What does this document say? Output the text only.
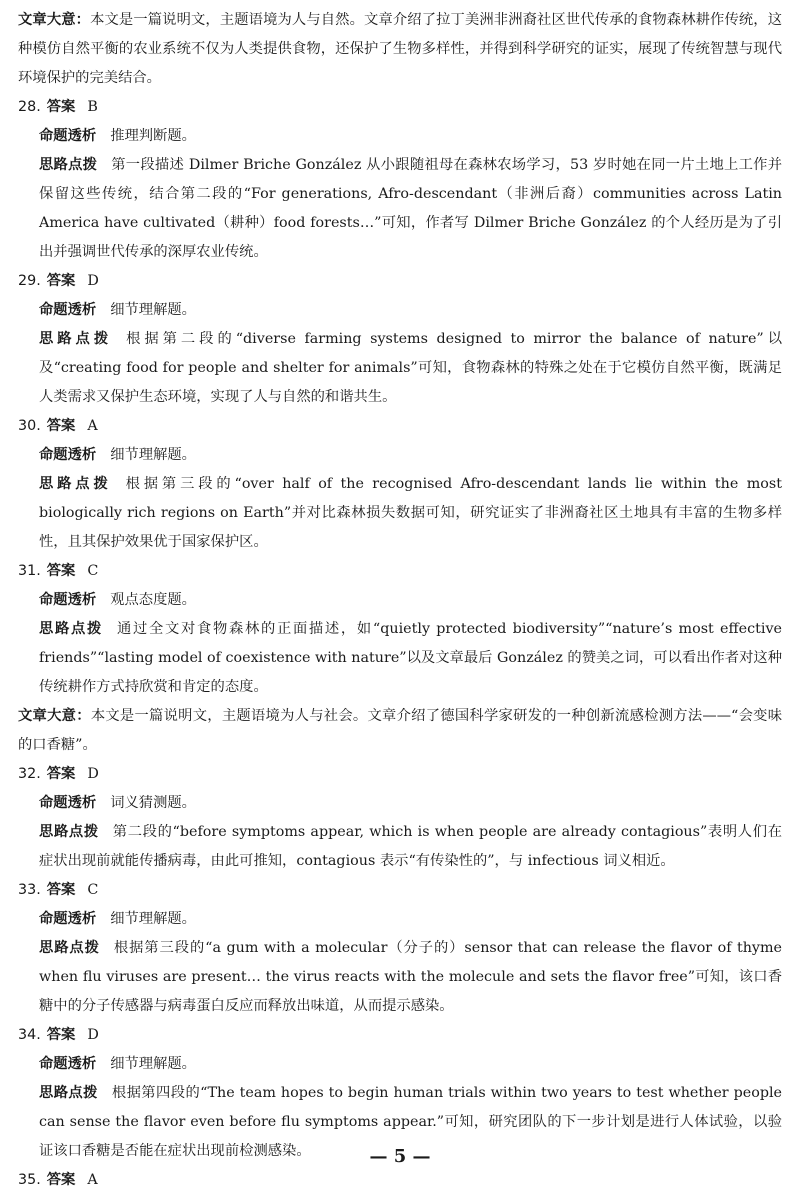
文章大意：本文是一篇说明文，主题语境为人与自然。文章介绍了拉丁美洲非洲裔社区世代传承的食物森林耕作传统，这种模仿自然平衡的农业系统不仅为人类提供食物，还保护了生物多样性，并得到科学研究的证实，展现了传统智慧与现代环境保护的完美结合。

28. 答案 B

命题透析 推理判断题。

思路点拨 第一段描述 Dilmer Briche González 从小跟随祖母在森林农场学习，53 岁时她在同一片土地上工作并保留这些传统，结合第二段的“For generations, Afro-descendant（非洲后裔）communities across Latin America have cultivated（耕种）food forests…”可知，作者写 Dilmer Briche González 的个人经历是为了引出并强调世代传承的深厚农业传统。

29. 答案 D

命题透析 细节理解题。

思路点拨 根据第二段的“diverse farming systems designed to mirror the balance of nature”以及“creating food for people and shelter for animals”可知，食物森林的特殊之处在于它模仿自然平衡，既满足人类需求又保护生态环境，实现了人与自然的和谐共生。

30. 答案 A

命题透析 细节理解题。

思路点拨 根据第三段的“over half of the recognised Afro-descendant lands lie within the most biologically rich regions on Earth”并对比森林损失数据可知，研究证实了非洲裔社区土地具有丰富的生物多样性，且其保护效果优于国家保护区。

31. 答案 C

命题透析 观点态度题。

思路点拨 通过全文对食物森林的正面描述，如“quietly protected biodiversity”“nature’s most effective friends”“lasting model of coexistence with nature”以及文章最后 González 的赞美之词，可以看出作者对这种传统耕作方式持欣赏和肯定的态度。

文章大意：本文是一篇说明文，主题语境为人与社会。文章介绍了德国科学家研发的一种创新流感检测方法——“会变味的口香糖”。

32. 答案 D

命题透析 词义猜测题。

思路点拨 第二段的“before symptoms appear, which is when people are already contagious”表明人们在症状出现前就能传播病毒，由此可推知，contagious 表示“有传染性的”，与 infectious 词义相近。

33. 答案 C

命题透析 细节理解题。

思路点拨 根据第三段的“a gum with a molecular（分子的）sensor that can release the flavor of thyme when flu viruses are present… the virus reacts with the molecule and sets the flavor free”可知，该口香糖中的分子传感器与病毒蛋白反应而释放出味道，从而提示感染。

34. 答案 D

命题透析 细节理解题。

思路点拨 根据第四段的“The team hopes to begin human trials within two years to test whether people can sense the flavor even before flu symptoms appear.”可知，研究团队的下一步计划是进行人体试验，以验证该口香糖是否能在症状出现前检测感染。

35. 答案 A

— 5 —
